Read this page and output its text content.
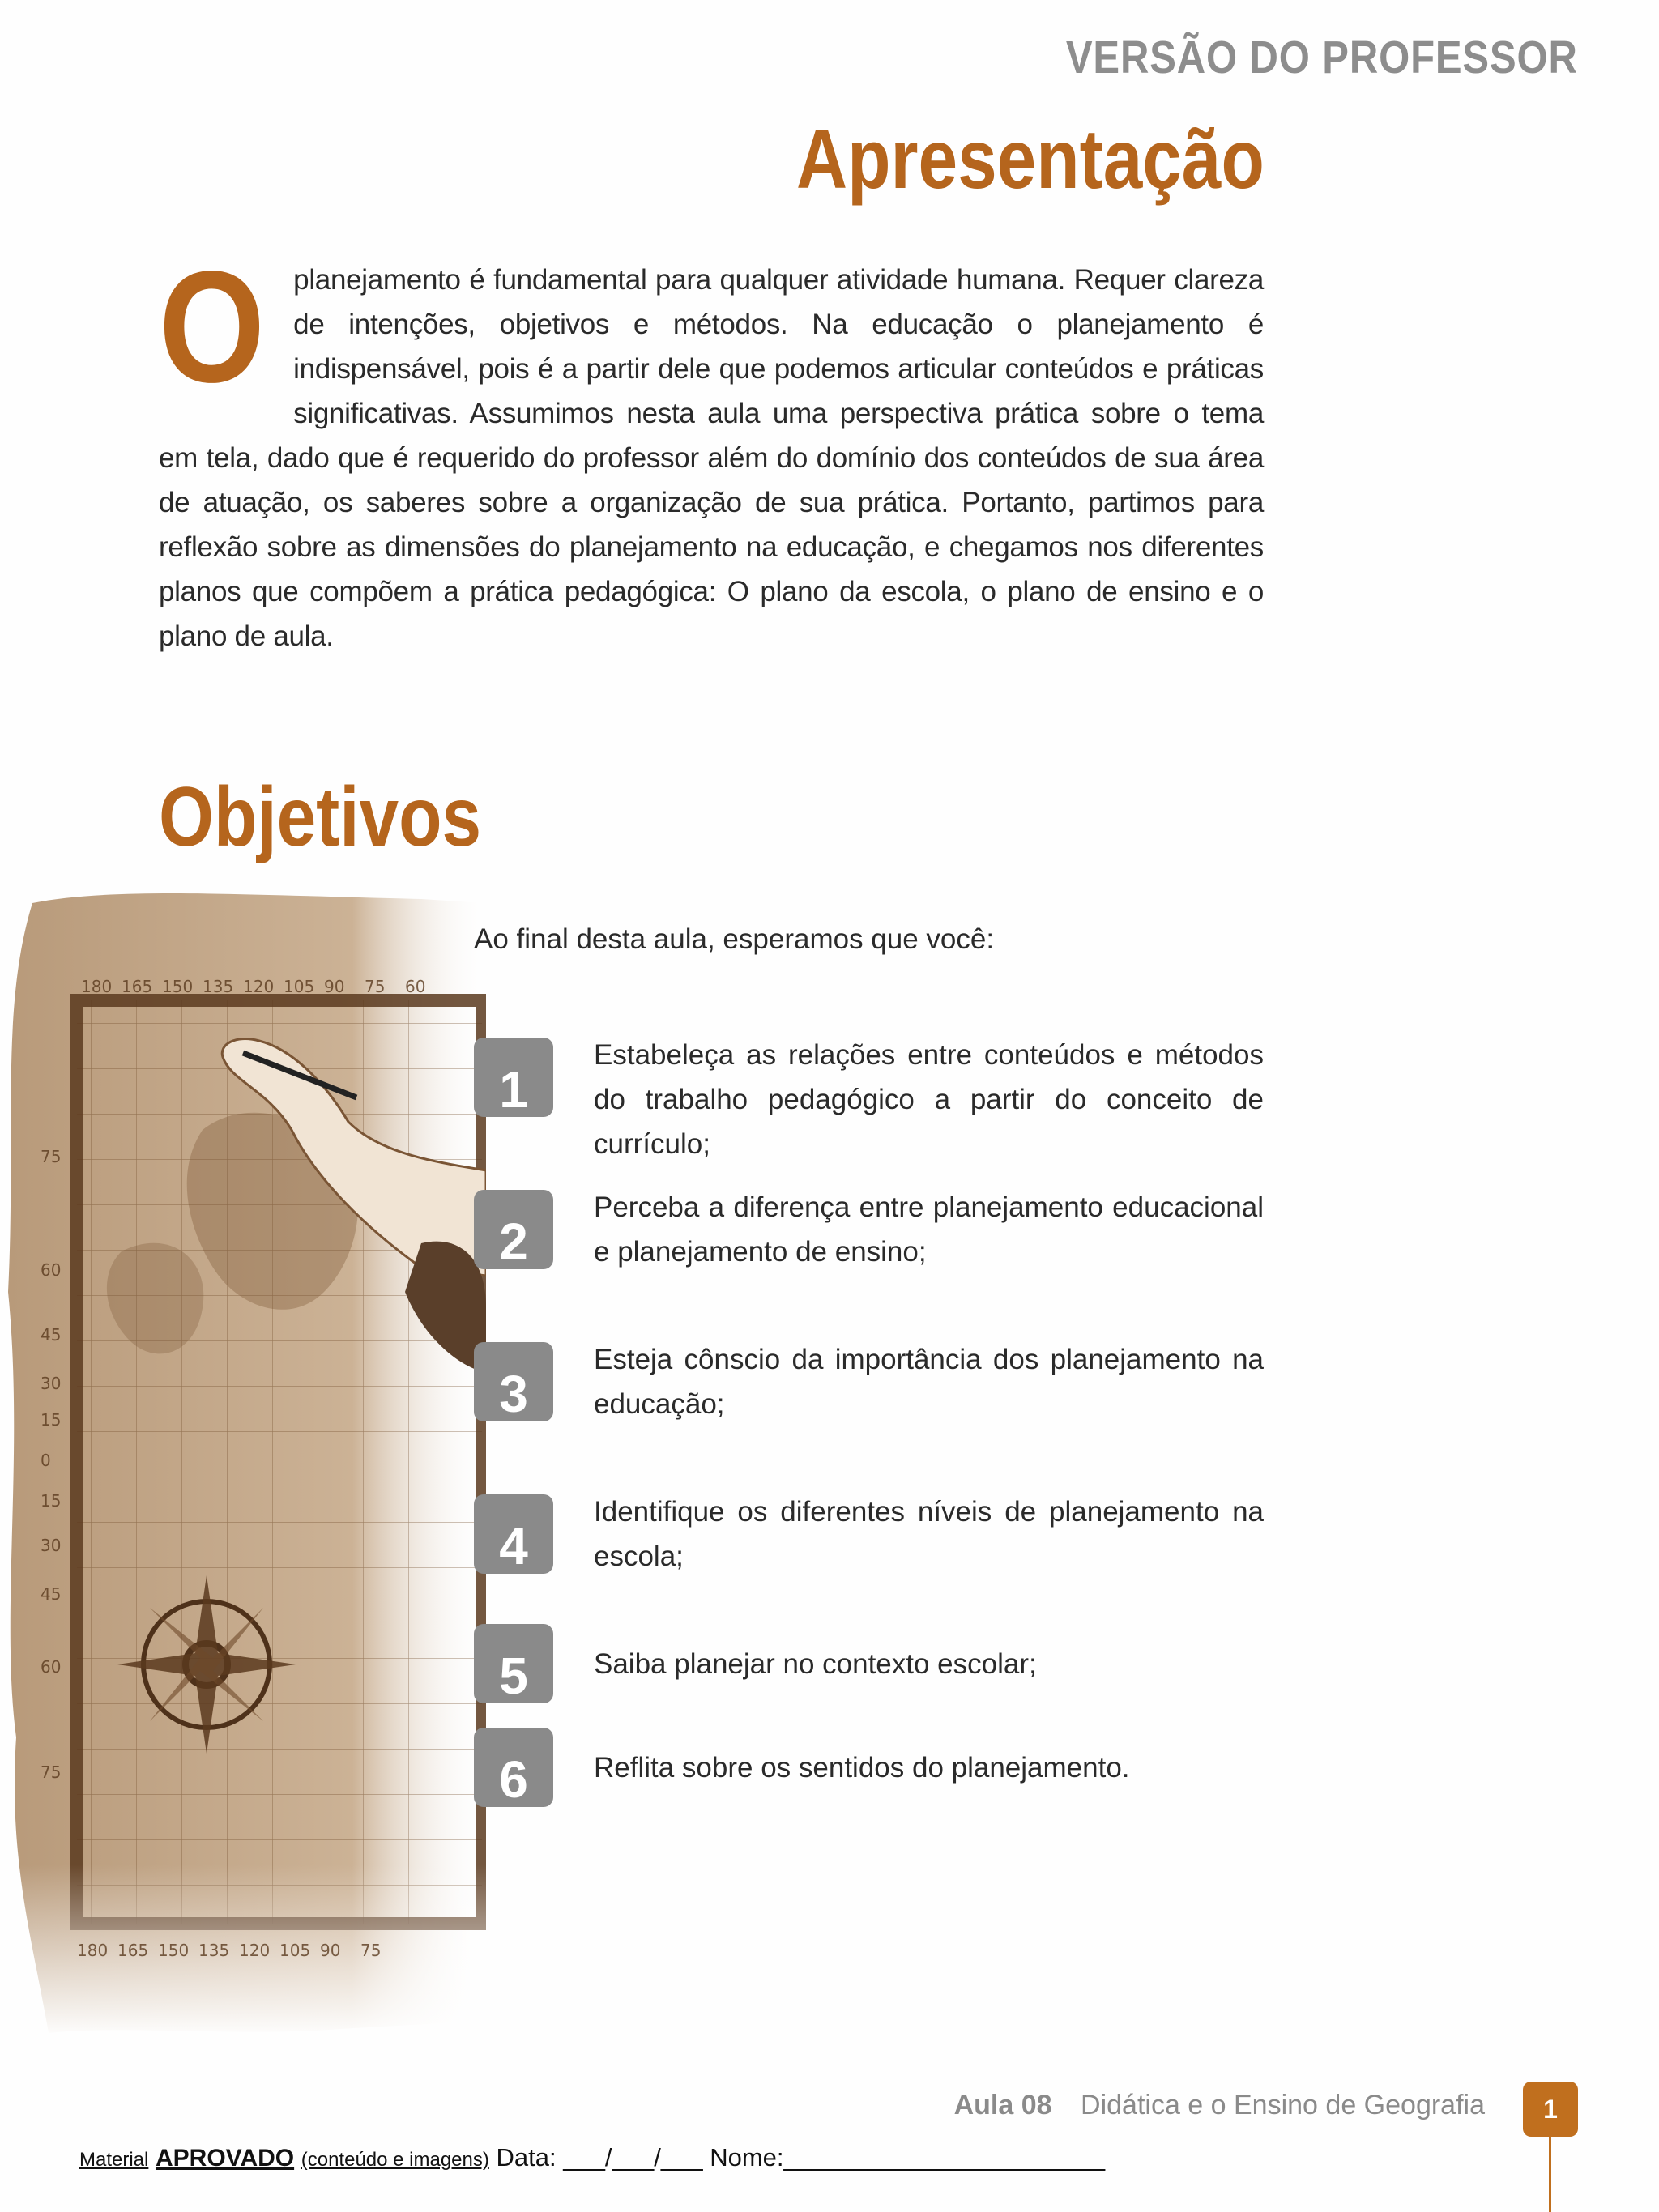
VERSÃO DO PROFESSOR
Apresentação
O planejamento é fundamental para qualquer atividade humana. Requer clareza de intenções, objetivos e métodos. Na educação o planejamento é indispensável, pois é a partir dele que podemos articular conteúdos e práticas significativas. Assumimos nesta aula uma perspectiva prática sobre o tema em tela, dado que é requerido do professor além do domínio dos conteúdos de sua área de atuação, os saberes sobre a organização de sua prática. Portanto, partimos para reflexão sobre as dimensões do planejamento na educação, e chegamos nos diferentes planos que compõem a prática pedagógica: O plano da escola, o plano de ensino e o plano de aula.
Objetivos
180 165 150 135 120 105 90 75 60
180 165 150 135 120 105 90 75
75
60
45
30
15
0
15
30
45
60
75
Ao final desta aula, esperamos que você:
1
Estabeleça as relações entre conteúdos e métodos do trabalho pedagógico a partir do conceito de currículo;
2
Perceba a diferença entre planejamento educacional e planejamento de ensino;
3
Esteja cônscio da importância dos planejamento na educação;
4
Identifique os diferentes níveis de planejamento na escola;
5	Saiba planejar no contexto escolar;
6	Reflita sobre os sentidos do planejamento.
Aula 08 Didática e o Ensino de Geografia	1
Material APROVADO (conteúdo e imagens) Data: ___/___/___ Nome:_______________________
